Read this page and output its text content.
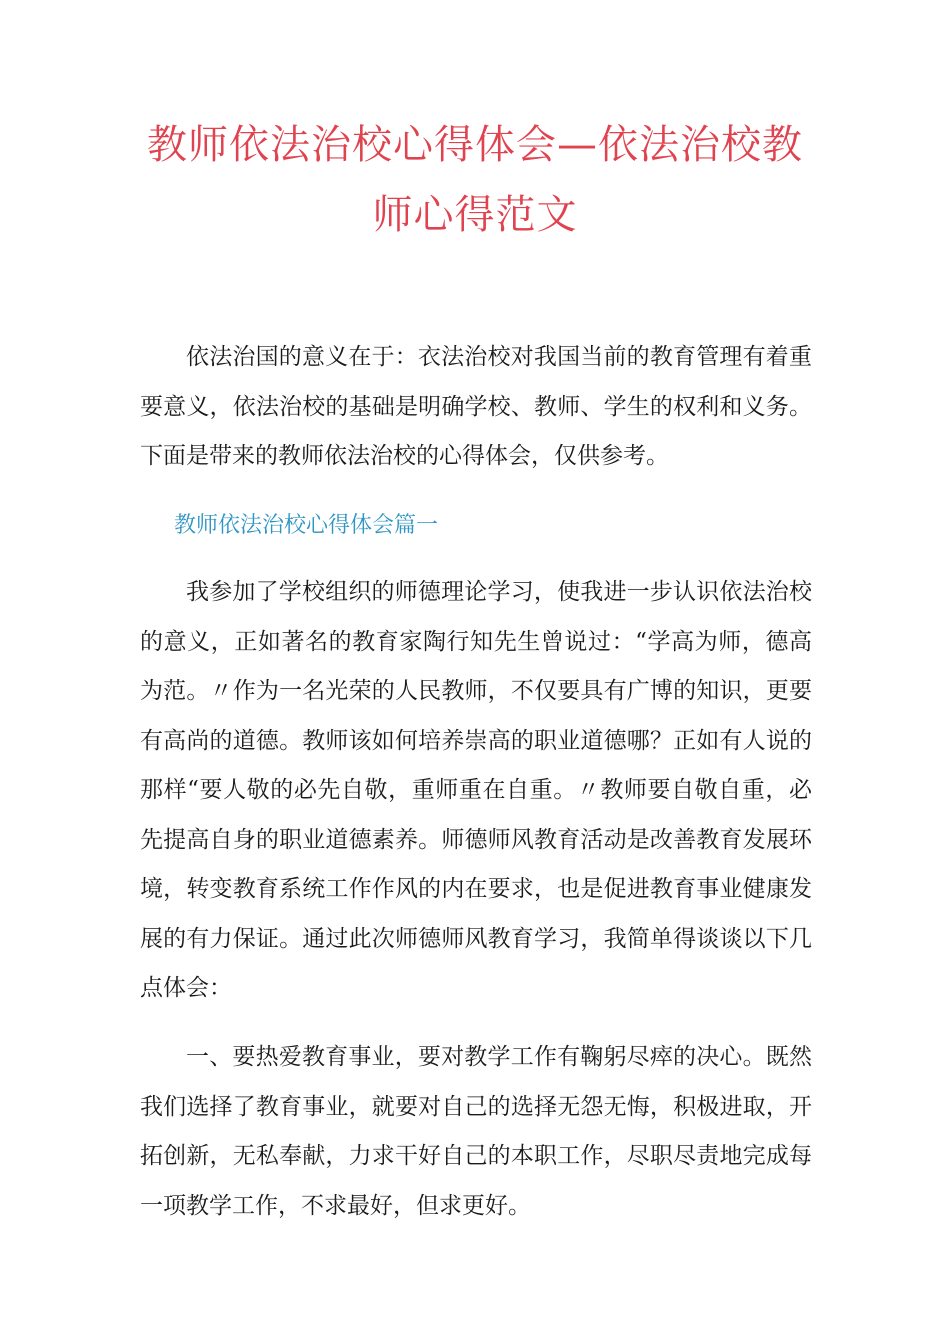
教师依法治校心得体会—依法治校教
师心得范文

依法治国的意义在于：衣法治校对我国当前的教育管理有着重要意义，依法治校的基础是明确学校、教师、学生的权利和义务。下面是带来的教师依法治校的心得体会，仅供参考。

教师依法治校心得体会篇一

我参加了学校组织的师德理论学习，使我进一步认识依法治校的意义，正如著名的教育家陶行知先生曾说过：“学高为师，德高为范。〃作为一名光荣的人民教师，不仅要具有广博的知识，更要有高尚的道德。教师该如何培养崇高的职业道德哪？正如有人说的那样“要人敬的必先自敬，重师重在自重。〃教师要自敬自重，必先提高自身的职业道德素养。师德师风教育活动是改善教育发展环境，转变教育系统工作作风的内在要求，也是促进教育事业健康发展的有力保证。通过此次师德师风教育学习，我简单得谈谈以下几点体会：

一、要热爱教育事业，要对教学工作有鞠躬尽瘁的决心。既然我们选择了教育事业，就要对自己的选择无怨无悔，积极进取，开拓创新，无私奉献，力求干好自己的本职工作，尽职尽责地完成每一项教学工作，不求最好，但求更好。
